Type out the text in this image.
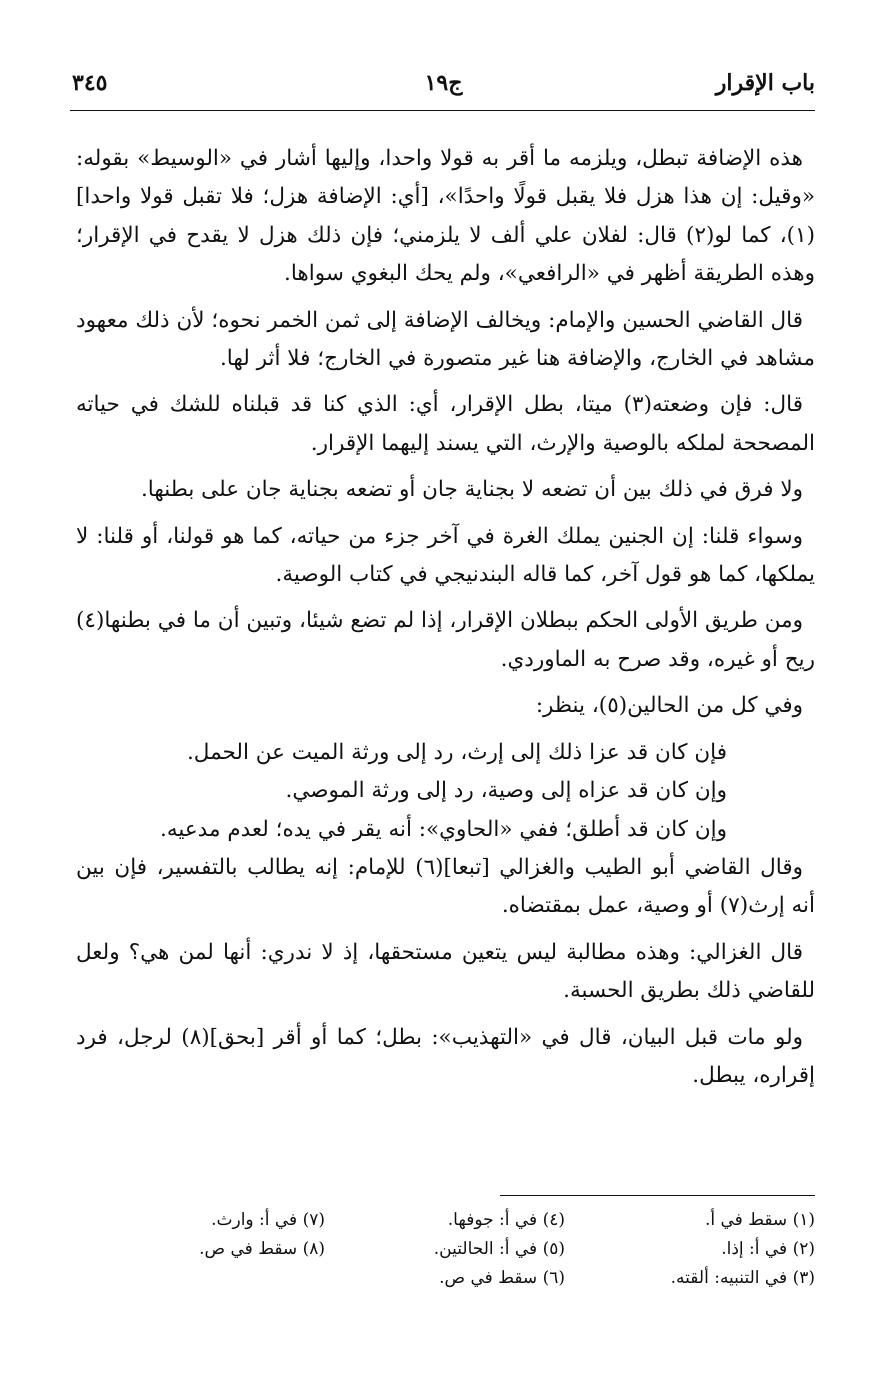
باب الإقرار
ج١٩
٣٤٥

هذه الإضافة تبطل، ويلزمه ما أقر به قولا واحدا، وإليها أشار في «الوسيط» بقوله: «وقيل: إن هذا هزل فلا يقبل قولًا واحدًا»، [أي: الإضافة هزل؛ فلا تقبل قولا واحدا](١)، كما لو(٢) قال: لفلان علي ألف لا يلزمني؛ فإن ذلك هزل لا يقدح في الإقرار؛ وهذه الطريقة أظهر في «الرافعي»، ولم يحك البغوي سواها.

قال القاضي الحسين والإمام: ويخالف الإضافة إلى ثمن الخمر نحوه؛ لأن ذلك معهود مشاهد في الخارج، والإضافة هنا غير متصورة في الخارج؛ فلا أثر لها.

قال: فإن وضعته(٣) ميتا، بطل الإقرار، أي: الذي كنا قد قبلناه للشك في حياته المصححة لملكه بالوصية والإرث، التي يسند إليهما الإقرار.

ولا فرق في ذلك بين أن تضعه لا بجناية جان أو تضعه بجناية جان على بطنها.

وسواء قلنا: إن الجنين يملك الغرة في آخر جزء من حياته، كما هو قولنا، أو قلنا: لا يملكها، كما هو قول آخر، كما قاله البندنيجي في كتاب الوصية.

ومن طريق الأولى الحكم ببطلان الإقرار، إذا لم تضع شيئا، وتبين أن ما في بطنها(٤) ريح أو غيره، وقد صرح به الماوردي.

وفي كل من الحالين(٥)، ينظر:

فإن كان قد عزا ذلك إلى إرث، رد إلى ورثة الميت عن الحمل.

وإن كان قد عزاه إلى وصية، رد إلى ورثة الموصي.

وإن كان قد أطلق؛ ففي «الحاوي»: أنه يقر في يده؛ لعدم مدعيه.

وقال القاضي أبو الطيب والغزالي [تبعا](٦) للإمام: إنه يطالب بالتفسير، فإن بين أنه إرث(٧) أو وصية، عمل بمقتضاه.

قال الغزالي: وهذه مطالبة ليس يتعين مستحقها، إذ لا ندري: أنها لمن هي؟ ولعل للقاضي ذلك بطريق الحسبة.

ولو مات قبل البيان، قال في «التهذيب»: بطل؛ كما أو أقر [بحق](٨) لرجل، فرد إقراره، يبطل.

(١) سقط في أ.
(٤) في أ: جوفها.
(٧) في أ: وارث.
(٢) في أ: إذا.
(٥) في أ: الحالتين.
(٨) سقط في ص.
(٣) في التنبيه: ألقته.
(٦) سقط في ص.
